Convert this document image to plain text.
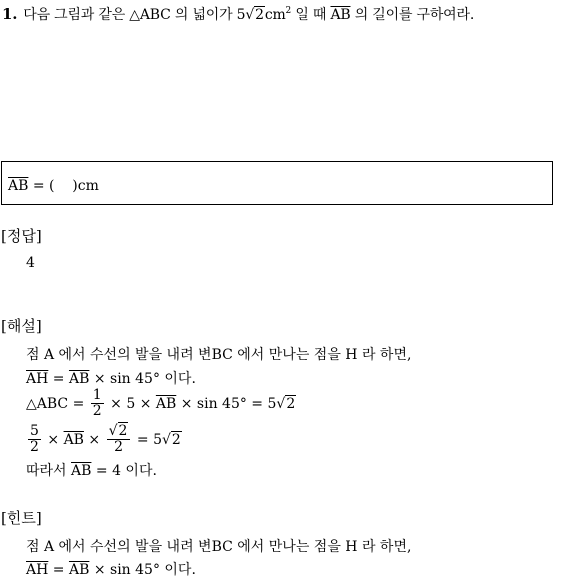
1. 다음 그림과 같은 △ABC 의 넓이가 $5√2cm^2$ 일 때 $\overline{AB}$ 의 길이를 구하여라.
$\overline{AB}$ = (    )cm
[정답]
4
[해설]
점 A 에서 수선의 발을 내려 변BC 에서 만나는 점을 H 라 하면,
$\overline{AH} = \overline{AB} \times \sin 45^\circ$ 이다.
△ABC = $\frac{1}{2} \times 5 \times \overline{AB} \times \sin 45^\circ = 5√2$
$\frac{5}{2} \times \overline{AB} \times \frac{√2}{2} = 5√2$
따라서 $\overline{AB} = 4$ 이다.
[힌트]
점 A 에서 수선의 발을 내려 변BC 에서 만나는 점을 H 라 하면,
$\overline{AH} = \overline{AB} \times \sin 45^\circ$ 이다.
